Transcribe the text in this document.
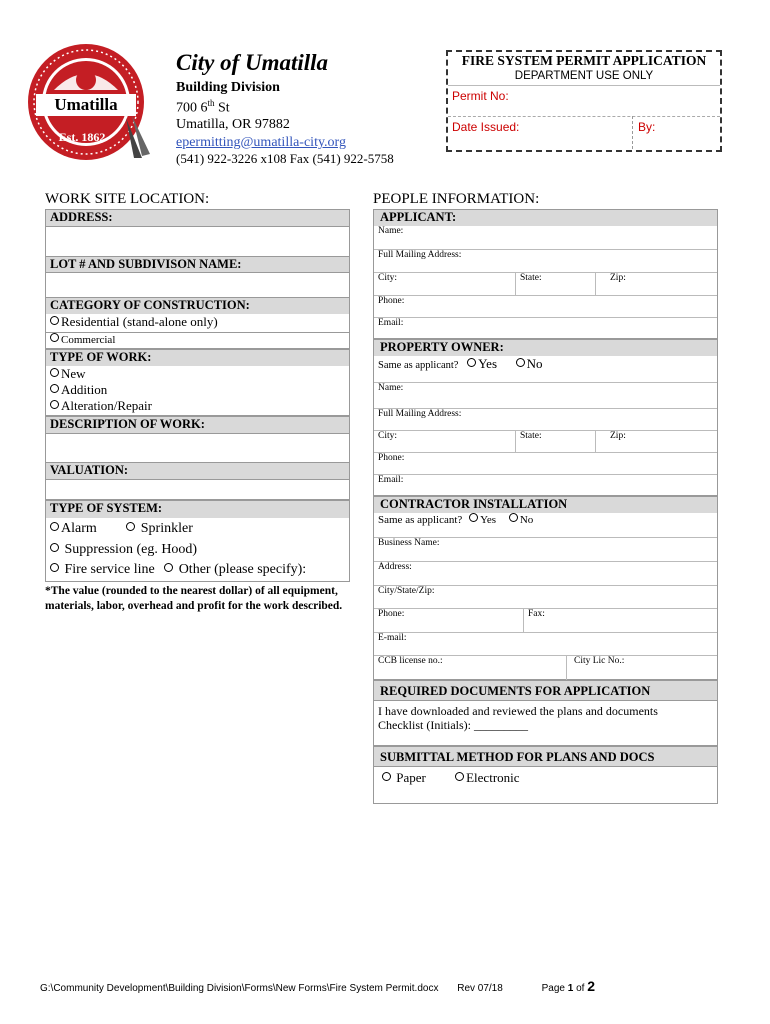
Umatilla
Est. 1862
City of Umatilla
Building Division
700 6th St
Umatilla, OR 97882
epermitting@umatilla-city.org
(541) 922-3226 x108 Fax (541) 922-5758
FIRE SYSTEM PERMIT APPLICATION
DEPARTMENT USE ONLY
Permit No:
Date Issued:	By:
WORK SITE LOCATION:	PEOPLE INFORMATION:
ADDRESS:
LOT # AND SUBDIVISON NAME:
CATEGORY OF CONSTRUCTION:
Residential (stand-alone only)
Commercial
TYPE OF WORK:
New
Addition
Alteration/Repair
DESCRIPTION OF WORK:
VALUATION:
TYPE OF SYSTEM:
Alarm	Sprinkler
Suppression (eg. Hood)
Fire service line Other (please specify):
*The value (rounded to the nearest dollar) of all equipment, materials, labor, overhead and profit for the work described.
APPLICANT:
Name:
Full Mailing Address:
City:	State:	Zip:
Phone:
Email:
PROPERTY OWNER:
Same as applicant? Yes No
Name:
Full Mailing Address:
City:	State:	Zip:
Phone:
Email:
CONTRACTOR INSTALLATION
Same as applicant? Yes No
Business Name:
Address:
City/State/Zip:
Phone:	Fax:
E-mail:
CCB license no.:	City Lic No.:
REQUIRED DOCUMENTS FOR APPLICATION
I have downloaded and reviewed the plans and documents
Checklist (Initials): _________
SUBMITTAL METHOD FOR PLANS AND DOCS
Paper	Electronic
G:\Community Development\Building Division\Forms\New Forms\Fire System Permit.docx Rev 07/18	Page 1 of 2
